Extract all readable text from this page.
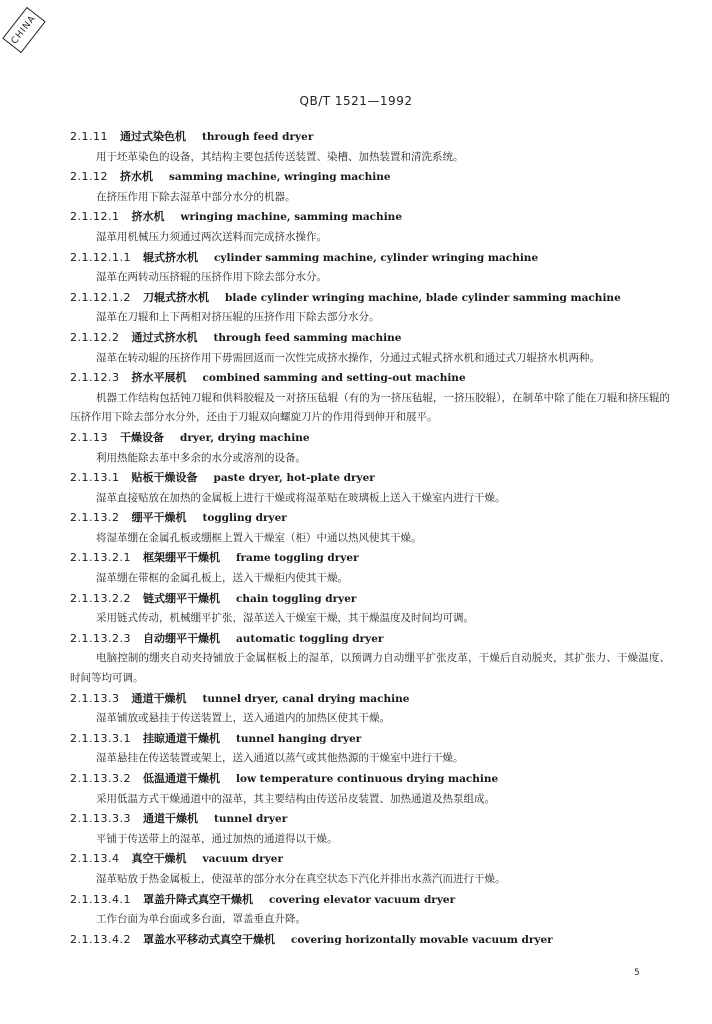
CHINA
QB/T 1521—1992
2.1.11 通过式染色机 through feed dryer
用于坯革染色的设备，其结构主要包括传送装置、染槽、加热装置和清洗系统。
2.1.12 挤水机 samming machine, wringing machine
在挤压作用下除去湿革中部分水分的机器。
2.1.12.1 挤水机 wringing machine, samming machine
湿革用机械压力须通过两次送料而完成挤水操作。
2.1.12.1.1 辊式挤水机 cylinder samming machine, cylinder wringing machine
湿革在两转动压挤辊的压挤作用下除去部分水分。
2.1.12.1.2 刀辊式挤水机 blade cylinder wringing machine, blade cylinder samming machine
湿革在刀辊和上下两相对挤压辊的压挤作用下除去部分水分。
2.1.12.2 通过式挤水机 through feed samming machine
湿革在转动辊的压挤作用下毋需回返而一次性完成挤水操作，分通过式辊式挤水机和通过式刀辊挤水机两种。
2.1.12.3 挤水平展机 combined samming and setting-out machine
机器工作结构包括钝刀辊和供料胶辊及一对挤压毡辊（有的为一挤压毡辊，一挤压胶辊），在制革中除了能在刀辊和挤压辊的压挤作用下除去部分水分外，还由于刀辊双向螺旋刀片的作用得到伸开和展平。
2.1.13 干燥设备 dryer, drying machine
利用热能除去革中多余的水分或溶剂的设备。
2.1.13.1 贴板干燥设备 paste dryer, hot-plate dryer
湿革直接贴放在加热的金属板上进行干燥或将湿革贴在玻璃板上送入干燥室内进行干燥。
2.1.13.2 绷平干燥机 toggling dryer
将湿革绷在金属孔板或绷框上置入干燥室（柜）中通以热风使其干燥。
2.1.13.2.1 框架绷平干燥机 frame toggling dryer
湿革绷在带框的金属孔板上，送入干燥柜内使其干燥。
2.1.13.2.2 链式绷平干燥机 chain toggling dryer
采用链式传动，机械绷平扩张，湿革送入干燥室干燥，其干燥温度及时间均可调。
2.1.13.2.3 自动绷平干燥机 automatic toggling dryer
电脑控制的绷夹自动夹持铺放于金属框板上的湿革，以预调力自动绷平扩张皮革，干燥后自动脱夹，其扩张力、干燥温度、时间等均可调。
2.1.13.3 通道干燥机 tunnel dryer, canal drying machine
湿革铺放或悬挂于传送装置上，送入通道内的加热区使其干燥。
2.1.13.3.1 挂晾通道干燥机 tunnel hanging dryer
湿革悬挂在传送装置或架上，送入通道以蒸气或其他热源的干燥室中进行干燥。
2.1.13.3.2 低温通道干燥机 low temperature continuous drying machine
采用低温方式干燥通道中的湿革，其主要结构由传送吊皮装置、加热通道及热泵组成。
2.1.13.3.3 通道干燥机 tunnel dryer
平铺于传送带上的湿革，通过加热的通道得以干燥。
2.1.13.4 真空干燥机 vacuum dryer
湿革贴放于热金属板上，使湿革的部分水分在真空状态下汽化并排出水蒸汽而进行干燥。
2.1.13.4.1 罩盖升降式真空干燥机 covering elevator vacuum dryer
工作台面为单台面或多台面，罩盖垂直升降。
2.1.13.4.2 罩盖水平移动式真空干燥机 covering horizontally movable vacuum dryer
5
